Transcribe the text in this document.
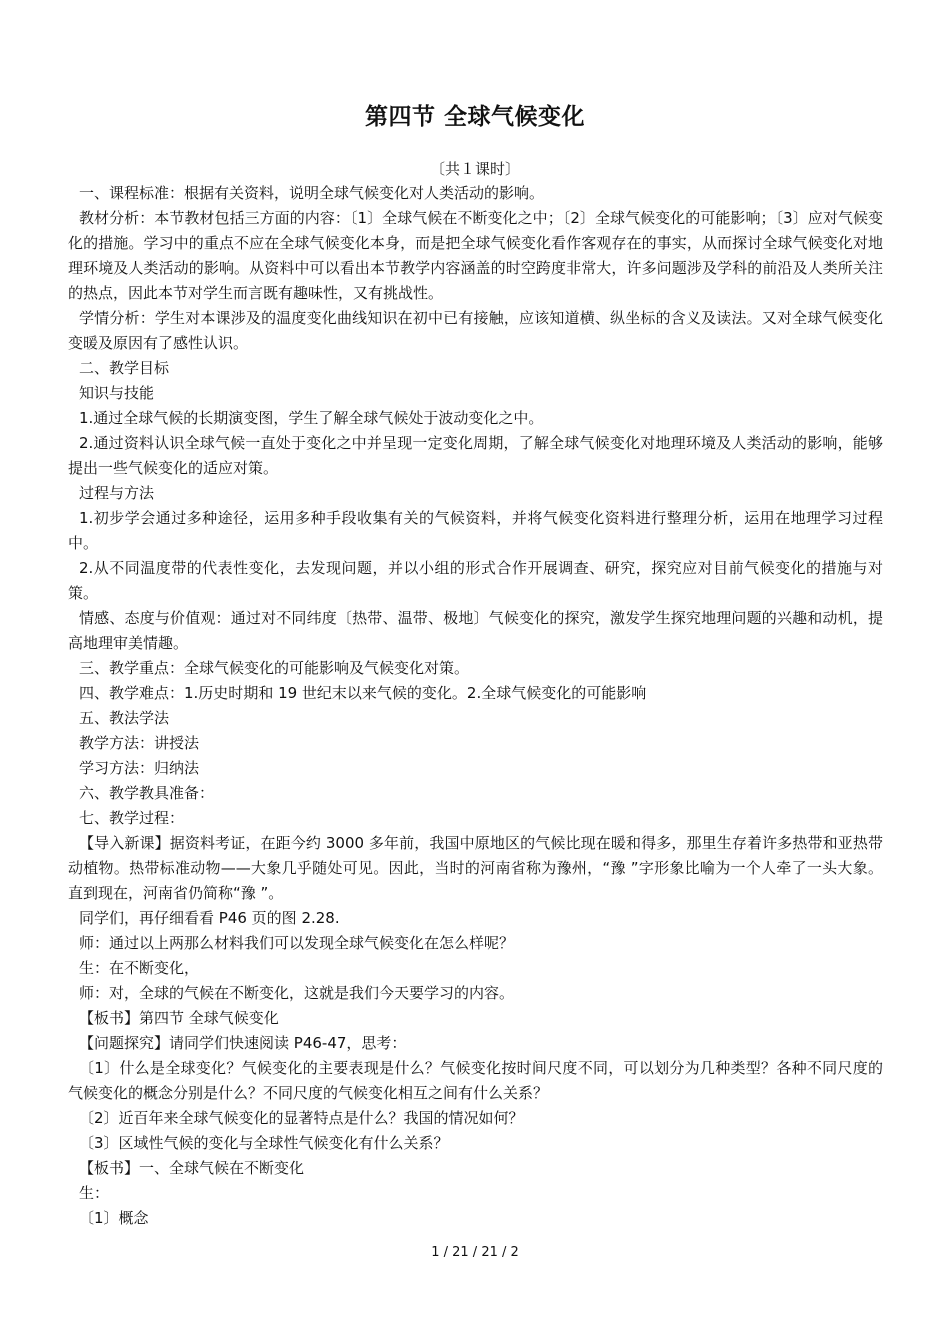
第四节 全球气候变化
〔共１课时〕

一、课程标准：根据有关资料，说明全球气候变化对人类活动的影响。

教材分析：本节教材包括三方面的内容：〔1〕全球气候在不断变化之中；〔2〕全球气候变化的可能影响；〔3〕应对气候变化的措施。学习中的重点不应在全球气候变化本身，而是把全球气候变化看作客观存在的事实，从而探讨全球气候变化对地理环境及人类活动的影响。从资料中可以看出本节教学内容涵盖的时空跨度非常大，许多问题涉及学科的前沿及人类所关注的热点，因此本节对学生而言既有趣味性，又有挑战性。

学情分析：学生对本课涉及的温度变化曲线知识在初中已有接触，应该知道横、纵坐标的含义及读法。又对全球气候变化变暖及原因有了感性认识。

二、教学目标

知识与技能

1.通过全球气候的长期演变图，学生了解全球气候处于波动变化之中。

2.通过资料认识全球气候一直处于变化之中并呈现一定变化周期，了解全球气候变化对地理环境及人类活动的影响，能够提出一些气候变化的适应对策。

过程与方法

1.初步学会通过多种途径，运用多种手段收集有关的气候资料，并将气候变化资料进行整理分析，运用在地理学习过程中。

2.从不同温度带的代表性变化，去发现问题，并以小组的形式合作开展调查、研究，探究应对目前气候变化的措施与对策。

情感、态度与价值观：通过对不同纬度〔热带、温带、极地〕气候变化的探究，激发学生探究地理问题的兴趣和动机，提高地理审美情趣。

三、教学重点：全球气候变化的可能影响及气候变化对策。

四、教学难点：1.历史时期和 19 世纪末以来气候的变化。2.全球气候变化的可能影响

五、教法学法

教学方法：讲授法

学习方法：归纳法

六、教学教具准备：

七、教学过程：

【导入新课】据资料考证，在距今约 3000 多年前，我国中原地区的气候比现在暖和得多，那里生存着许多热带和亚热带动植物。热带标准动物——大象几乎随处可见。因此，当时的河南省称为豫州，“豫 ”字形象比喻为一个人牵了一头大象。直到现在，河南省仍简称“豫 ”。

同学们，再仔细看看 P46 页的图 2.28.

师：通过以上两那么材料我们可以发现全球气候变化在怎么样呢？

生：在不断变化，

师：对，全球的气候在不断变化，这就是我们今天要学习的内容。

【板书】第四节 全球气候变化

【问题探究】请同学们快速阅读 P46-47，思考：

〔1〕什么是全球变化？气候变化的主要表现是什么？气候变化按时间尺度不同，可以划分为几种类型？各种不同尺度的气候变化的概念分别是什么？不同尺度的气候变化相互之间有什么关系？

〔2〕近百年来全球气候变化的显著特点是什么？我国的情况如何？

〔3〕区域性气候的变化与全球性气候变化有什么关系？

【板书】一、全球气候在不断变化

生：

〔1〕概念

1 / 21 / 21 / 2
